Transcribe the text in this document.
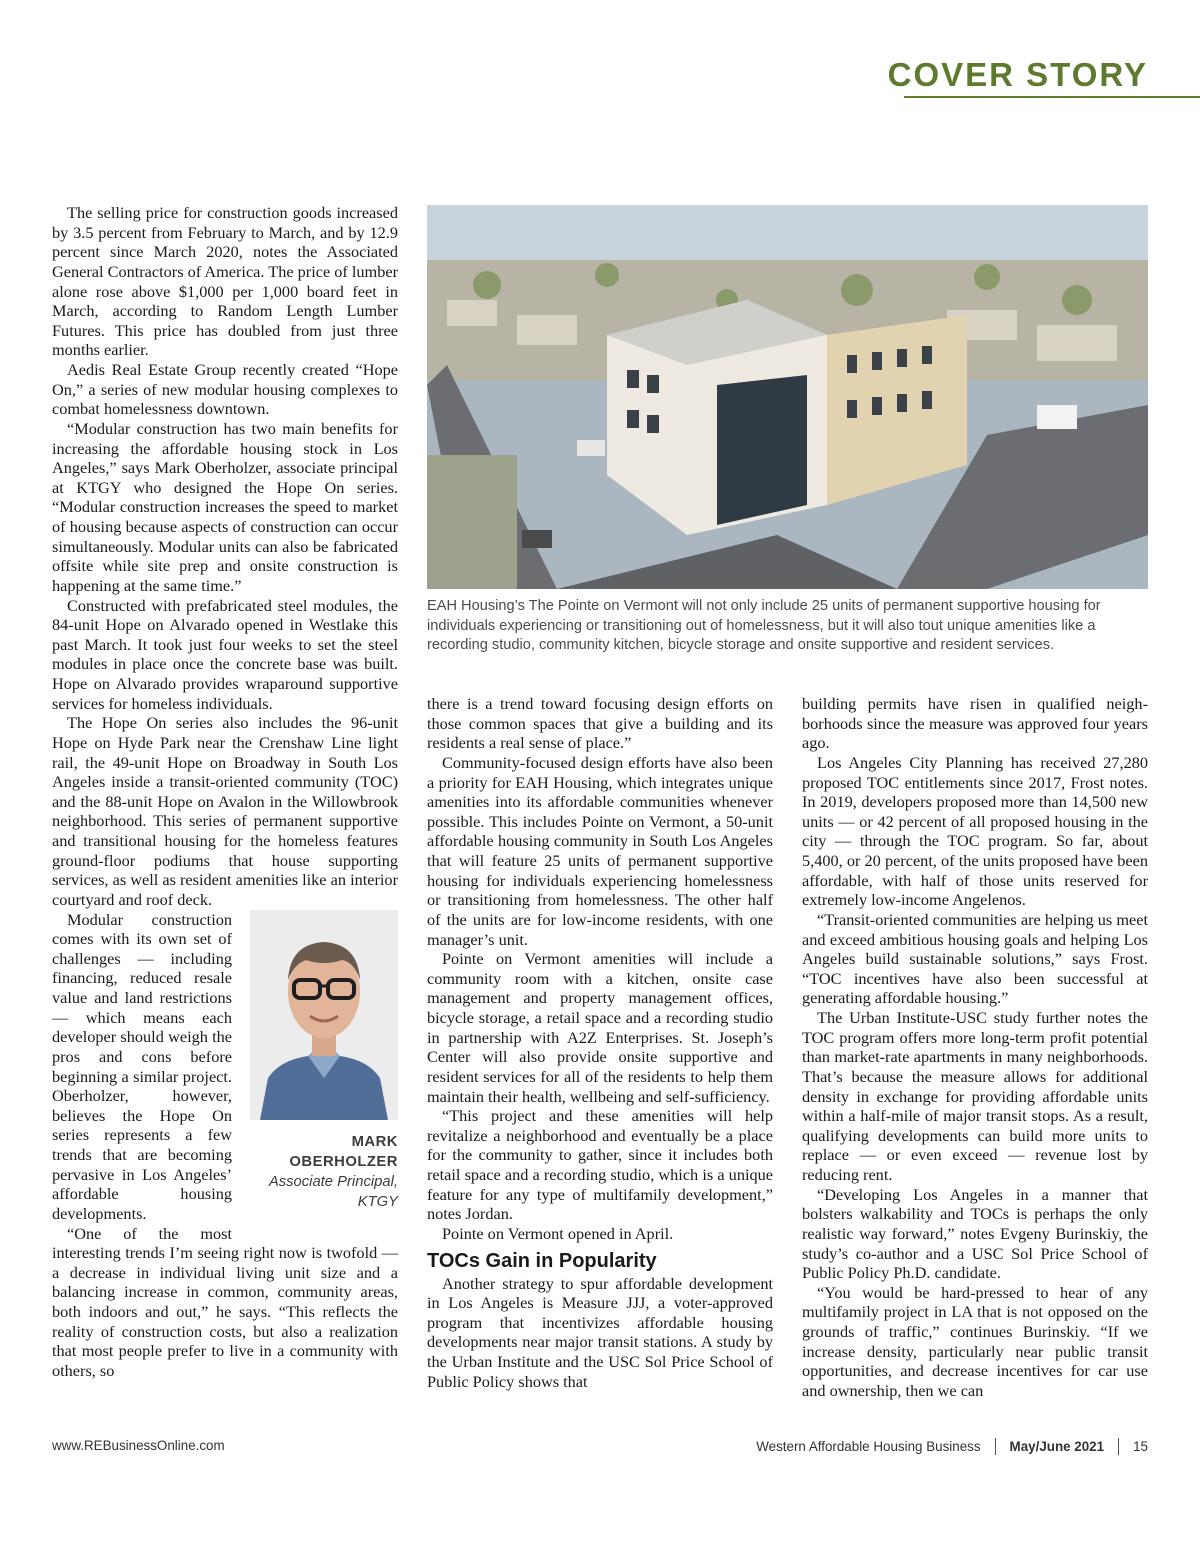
COVER STORY

The selling price for construction goods increased by 3.5 percent from February to March, and by 12.9 percent since March 2020, notes the Associated General Contractors of America. The price of lumber alone rose above $1,000 per 1,000 board feet in March, according to Random Length Lumber Futures. This price has doubled from just three months earlier.

Aedis Real Estate Group recently created “Hope On,” a series of new modular housing complexes to combat homelessness downtown.

“Modular construction has two main benefits for increasing the affordable housing stock in Los Angeles,” says Mark Oberholzer, associate principal at KTGY who designed the Hope On series. “Modular construction increases the speed to market of housing because aspects of construction can occur simultaneously. Modular units can also be fabricated offsite while site prep and onsite construction is happening at the same time.”

Constructed with prefabricated steel modules, the 84-unit Hope on Alvarado opened in Westlake this past March. It took just four weeks to set the steel modules in place once the concrete base was built. Hope on Alvarado provides wraparound supportive services for homeless individuals.

The Hope On series also includes the 96-unit Hope on Hyde Park near the Crenshaw Line light rail, the 49-unit Hope on Broadway in South Los Angeles inside a transit-oriented community (TOC) and the 88-unit Hope on Avalon in the Willowbrook neighborhood. This series of permanent supportive and transitional housing for the homeless features ground-floor podiums that house supporting services, as well as resident amenities like an interior courtyard and roof deck.

MARK
OBERHOLZER
Associate Principal,
KTGY

Modular construction comes with its own set of challenges — including financing, reduced resale value and land restrictions — which means each developer should weigh the pros and cons before beginning a similar project. Oberholzer, however, believes the Hope On series represents a few trends that are becoming pervasive in Los Angeles’ affordable housing developments.

“One of the most interesting trends I’m seeing right now is twofold — a decrease in individual living unit size and a balancing increase in common, community areas, both indoors and out,” he says. “This reflects the reality of construction costs, but also a realization that most people prefer to live in a community with others, so

EAH Housing’s The Pointe on Vermont will not only include 25 units of permanent supportive housing for individuals experiencing or transitioning out of homelessness, but it will also tout unique amenities like a recording studio, community kitchen, bicycle storage and onsite supportive and resident services.

there is a trend toward focusing design efforts on those common spaces that give a building and its residents a real sense of place.”

Community-focused design efforts have also been a priority for EAH Housing, which integrates unique amenities into its affordable communities whenever possible. This includes Pointe on Vermont, a 50-unit affordable housing community in South Los Angeles that will feature 25 units of permanent supportive housing for individuals experiencing homelessness or transitioning from homelessness. The other half of the units are for low-income residents, with one manager’s unit.

Pointe on Vermont amenities will include a community room with a kitchen, onsite case management and property management offices, bicycle storage, a retail space and a recording studio in partnership with A2Z Enterprises. St. Joseph’s Center will also provide onsite supportive and resident services for all of the residents to help them maintain their health, wellbeing and self-sufficiency.

“This project and these amenities will help revitalize a neighborhood and eventually be a place for the community to gather, since it includes both retail space and a recording studio, which is a unique feature for any type of multifamily development,” notes Jordan.

Pointe on Vermont opened in April.

TOCs Gain in Popularity

Another strategy to spur affordable development in Los Angeles is Measure JJJ, a voter-approved program that incentivizes affordable housing developments near major transit stations. A study by the Urban Institute and the USC Sol Price School of Public Policy shows that

building permits have risen in qualified neighborhoods since the measure was approved four years ago.

Los Angeles City Planning has received 27,280 proposed TOC entitlements since 2017, Frost notes. In 2019, developers proposed more than 14,500 new units — or 42 percent of all proposed housing in the city — through the TOC program. So far, about 5,400, or 20 percent, of the units proposed have been affordable, with half of those units reserved for extremely low-income Angelenos.

“Transit-oriented communities are helping us meet and exceed ambitious housing goals and helping Los Angeles build sustainable solutions,” says Frost. “TOC incentives have also been successful at generating affordable housing.”

The Urban Institute-USC study further notes the TOC program offers more long-term profit potential than market-rate apartments in many neighborhoods. That’s because the measure allows for additional density in exchange for providing affordable units within a half-mile of major transit stops. As a result, qualifying developments can build more units to replace — or even exceed — revenue lost by reducing rent.

“Developing Los Angeles in a manner that bolsters walkability and TOCs is perhaps the only realistic way forward,” notes Evgeny Burinskiy, the study’s co-author and a USC Sol Price School of Public Policy Ph.D. candidate.

“You would be hard-pressed to hear of any multifamily project in LA that is not opposed on the grounds of traffic,” continues Burinskiy. “If we increase density, particularly near public transit opportunities, and decrease incentives for car use and ownership, then we can

www.REBusinessOnline.com	Western Affordable Housing Business May/June 2021 15
